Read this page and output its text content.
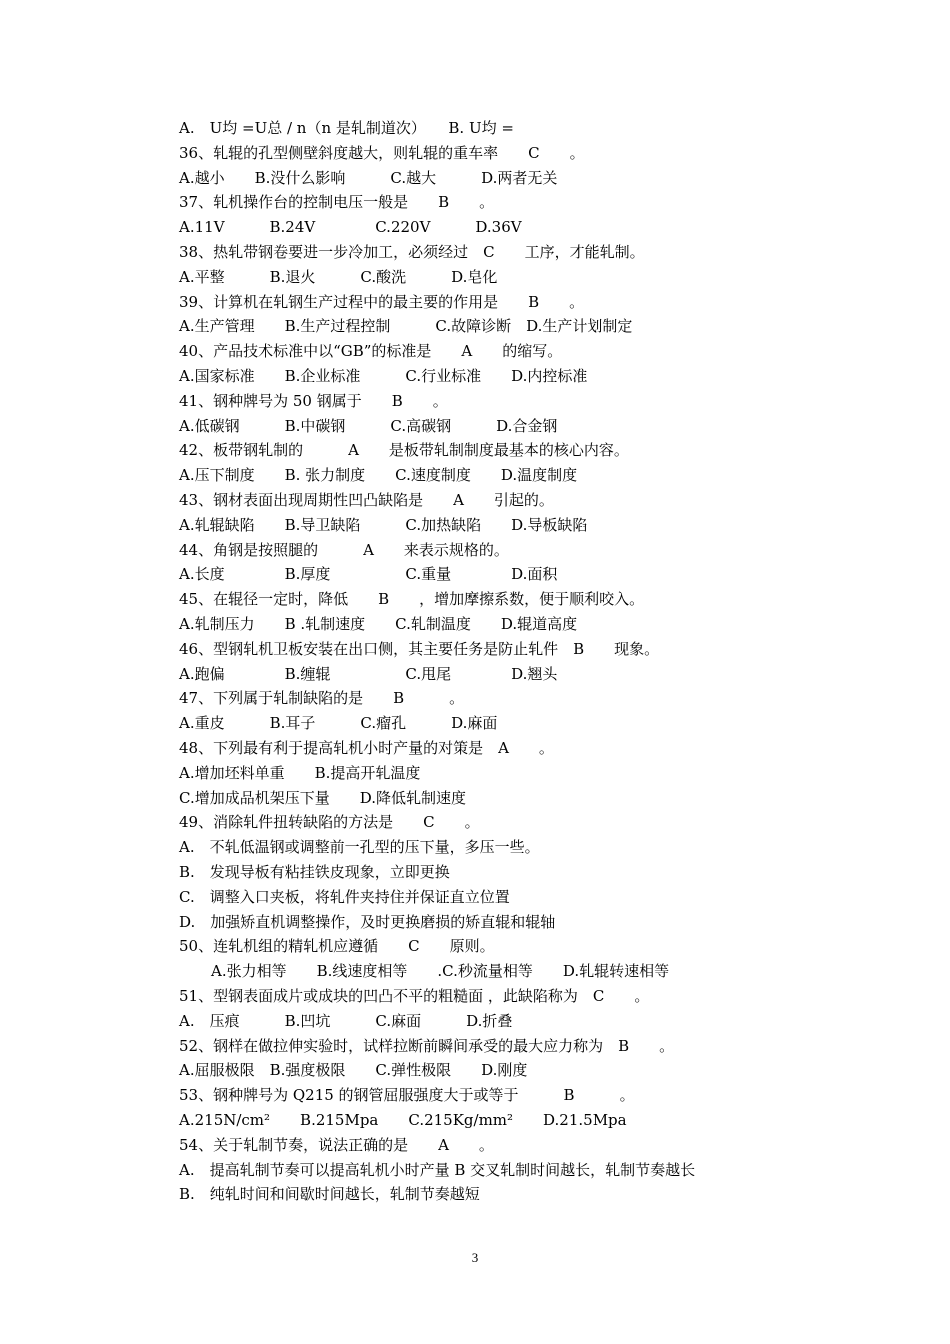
A.　U均 =U总 / n（n 是轧制道次）　　B. U均 =
36、轧辊的孔型侧壁斜度越大，则轧辊的重车率　　C　　。
A.越小　　B.没什么影响　　　C.越大　　　D.两者无关
37、轧机操作台的控制电压一般是　　B　　。
A.11V　　　B.24V　　　　C.220V　　　D.36V
38、热轧带钢卷要进一步冷加工，必须经过　C　　工序，才能轧制。
A.平整　　　B.退火　　　C.酸洗　　　D.皂化
39、计算机在轧钢生产过程中的最主要的作用是　　B　　。
A.生产管理　　B.生产过程控制　　　C.故障诊断　D.生产计划制定
40、产品技术标准中以“GB”的标准是　　A　　的缩写。
A.国家标准　　B.企业标准　　　C.行业标准　　D.内控标准
41、钢种牌号为 50 钢属于　　B　　。
A.低碳钢　　　B.中碳钢　　　C.高碳钢　　　D.合金钢
42、板带钢轧制的　　　A　　是板带轧制制度最基本的核心内容。
A.压下制度　　B. 张力制度　　C.速度制度　　D.温度制度
43、钢材表面出现周期性凹凸缺陷是　　A　　引起的。
A.轧辊缺陷　　B.导卫缺陷　　　C.加热缺陷　　D.导板缺陷
44、角钢是按照腿的　　　A　　来表示规格的。
A.长度　　　　B.厚度　　　　　C.重量　　　　D.面积
45、在辊径一定时，降低　　B　　，增加摩擦系数，便于顺利咬入。
A.轧制压力　　B .轧制速度　　C.轧制温度　　D.辊道高度
46、型钢轧机卫板安装在出口侧，其主要任务是防止轧件　B　　现象。
A.跑偏　　　　B.缠辊　　　　　C.甩尾　　　　D.翘头
47、下列属于轧制缺陷的是　　B　　　。
A.重皮　　　B.耳子　　　C.瘤孔　　　D.麻面
48、下列最有利于提高轧机小时产量的对策是　A　　。
A.增加坯料单重　　B.提高开轧温度
C.增加成品机架压下量　　D.降低轧制速度
49、消除轧件扭转缺陷的方法是　　C　　。
A.　不轧低温钢或调整前一孔型的压下量，多压一些。
B.　发现导板有粘挂铁皮现象，立即更换
C.　调整入口夹板，将轧件夹持住并保证直立位置
D.　加强矫直机调整操作，及时更换磨损的矫直辊和辊轴
50、连轧机组的精轧机应遵循　　C　　原则。
A.张力相等　　B.线速度相等　　.C.秒流量相等　　D.轧辊转速相等
51、型钢表面成片或成块的凹凸不平的粗糙面 ，此缺陷称为　C　　。
A.　压痕　　　B.凹坑　　　C.麻面　　　D.折叠
52、钢样在做拉伸实验时，试样拉断前瞬间承受的最大应力称为　B　　。
A.屈服极限　B.强度极限　　C.弹性极限　　D.刚度
53、钢种牌号为 Q215 的钢管屈服强度大于或等于　　　B　　　。
A.215N/cm²　　B.215Mpa　　C.215Kg/mm²　　D.21.5Mpa
54、关于轧制节奏，说法正确的是　　A　　。
A.　提高轧制节奏可以提高轧机小时产量 B 交叉轧制时间越长，轧制节奏越长
B.　纯轧时间和间歇时间越长，轧制节奏越短
3
